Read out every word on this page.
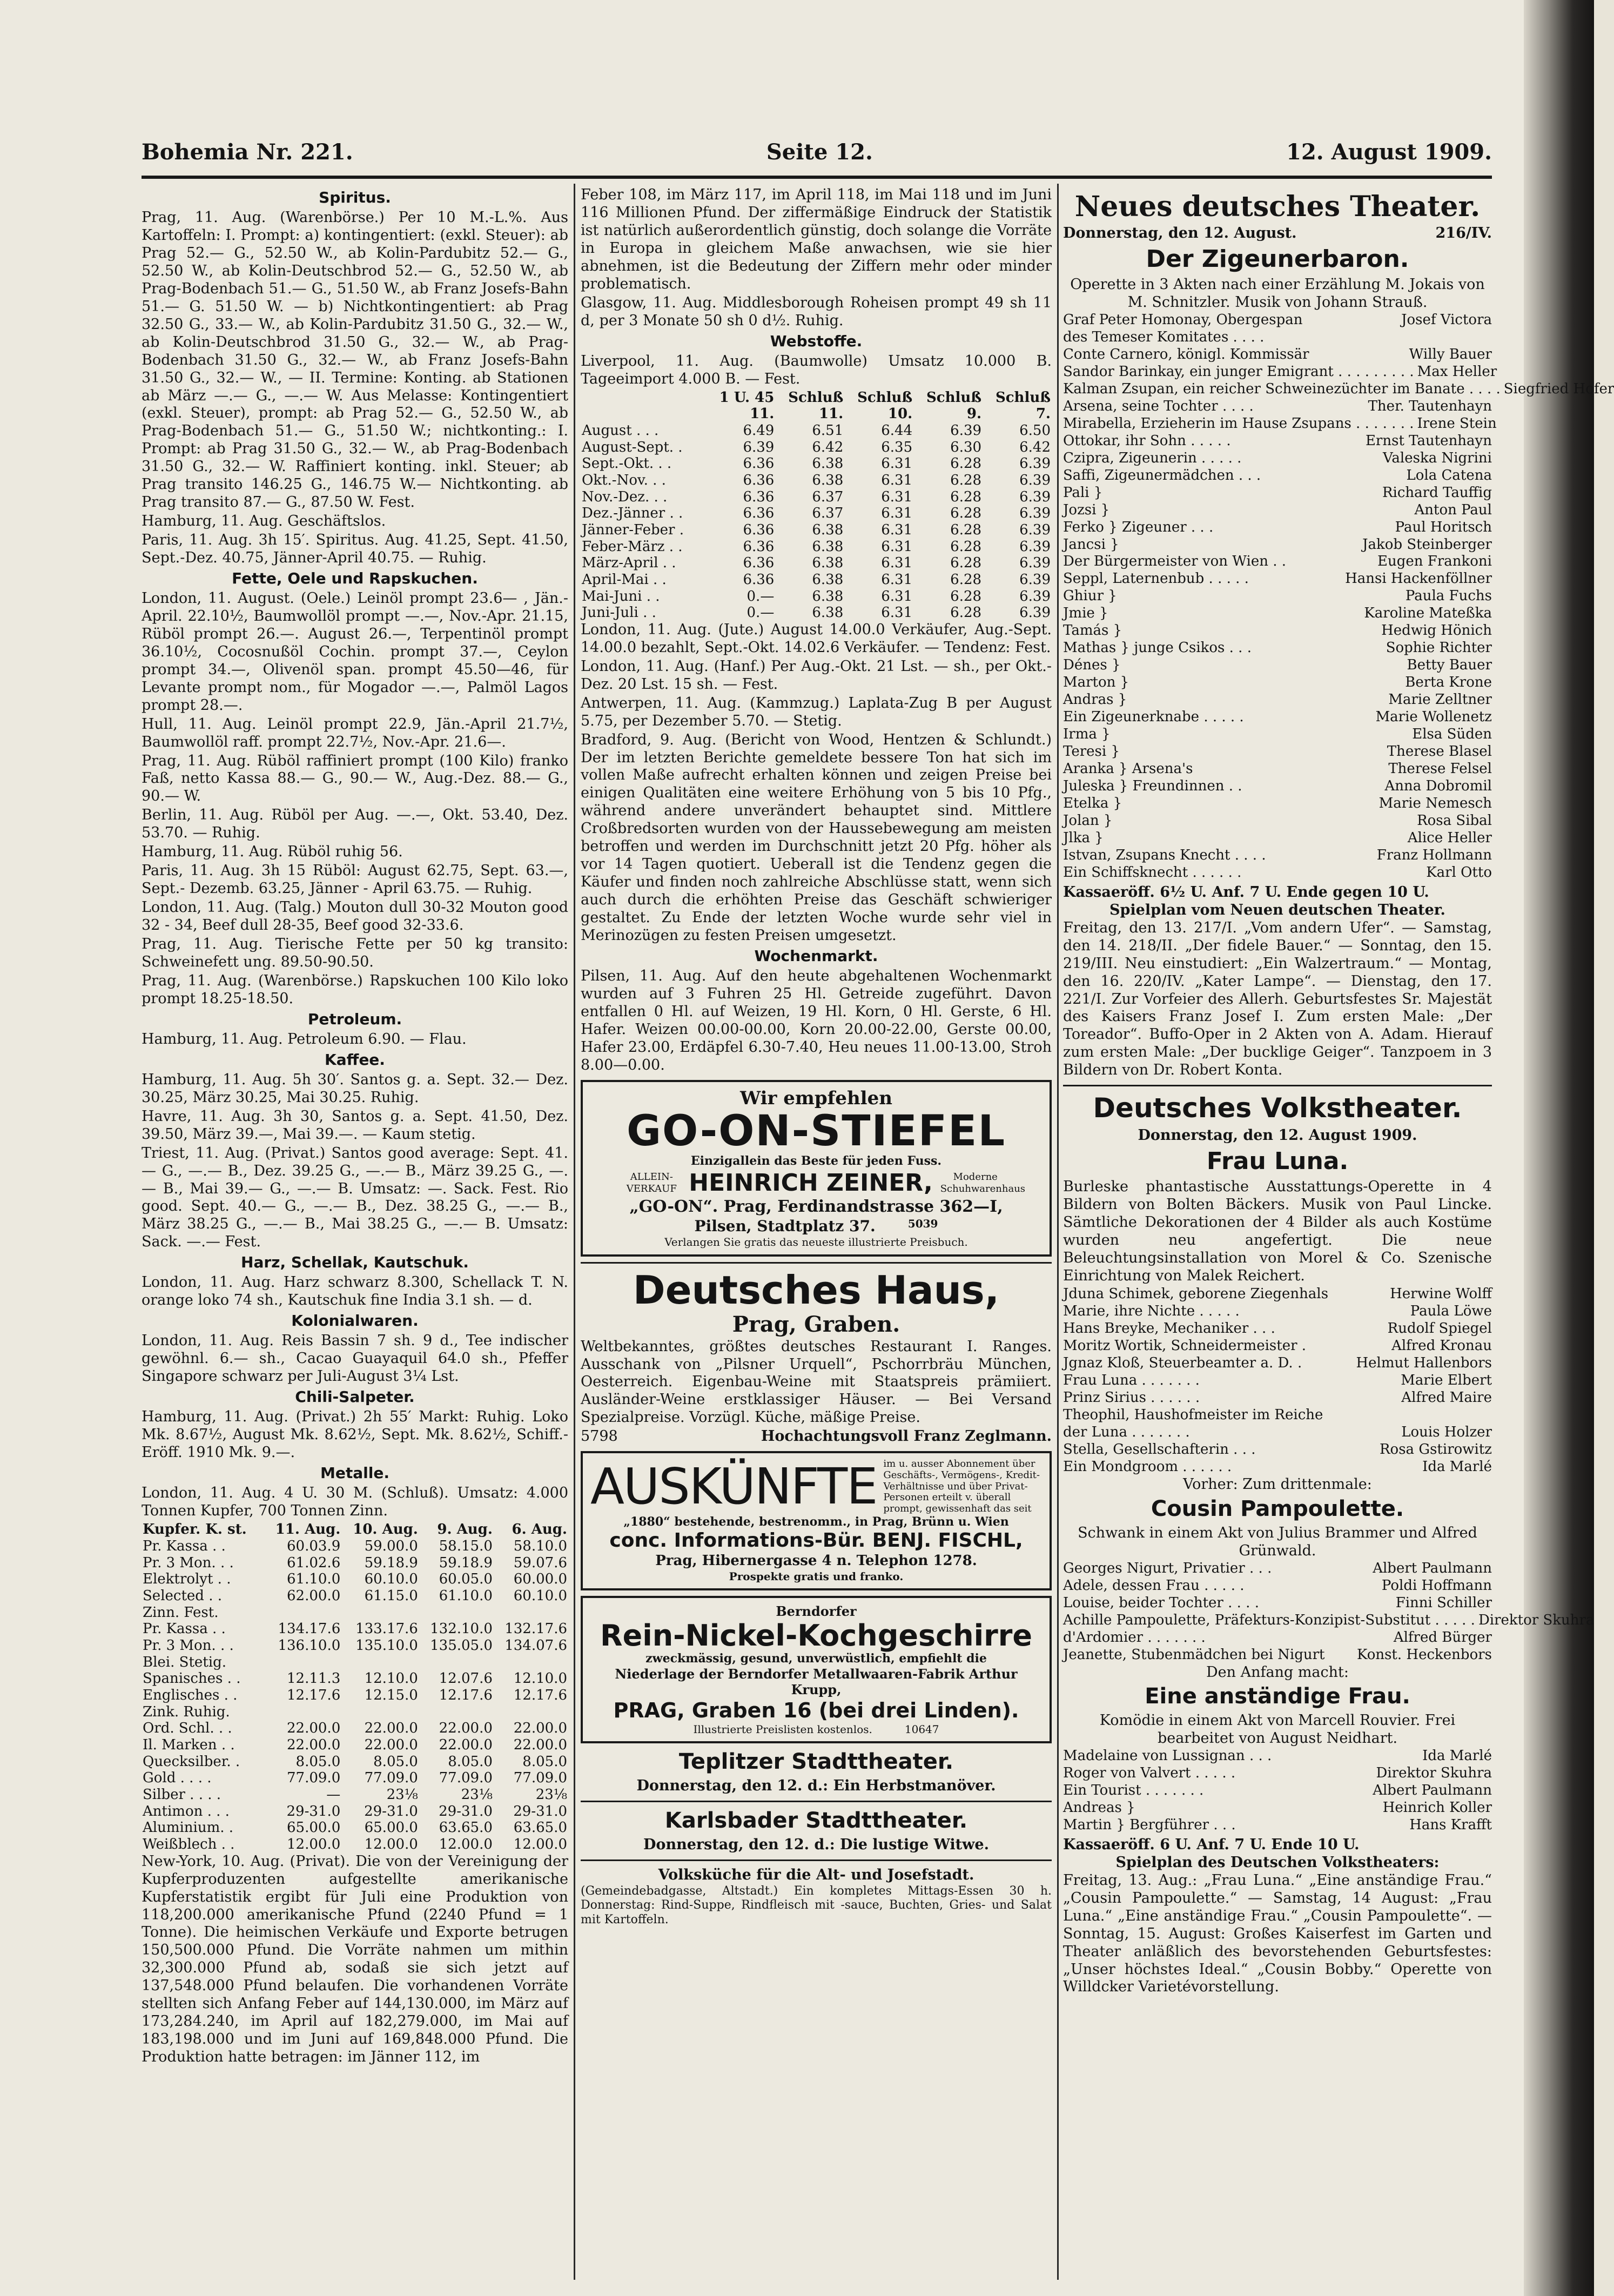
Bohemia Nr. 221.	Seite 12.	12. August 1909.
Spiritus.
Prag, 11. Aug. (Warenbörse.) Per 10 M.-L.%. Aus Kartoffeln: I. Prompt: a) kontingentiert: (exkl. Steuer): ab Prag 52.— G., 52.50 W., ab Kolin-Pardubitz 52.— G., 52.50 W., ab Kolin-Deutschbrod 52.— G., 52.50 W., ab Prag-Bodenbach 51.— G., 51.50 W., ab Franz Josefs-Bahn 51.— G. 51.50 W. — b) Nichtkontingentiert: ab Prag 32.50 G., 33.— W., ab Kolin-Pardubitz 31.50 G., 32.— W., ab Kolin-Deutschbrod 31.50 G., 32.— W., ab Prag-Bodenbach 31.50 G., 32.— W., ab Franz Josefs-Bahn 31.50 G., 32.— W., — II. Termine: Konting. ab Stationen ab März —.— G., —.— W. Aus Melasse: Kontingentiert (exkl. Steuer), prompt: ab Prag 52.— G., 52.50 W., ab Prag-Bodenbach 51.— G., 51.50 W.; nichtkonting.: I. Prompt: ab Prag 31.50 G., 32.— W., ab Prag-Bodenbach 31.50 G., 32.— W. Raffiniert konting. inkl. Steuer; ab Prag transito 146.25 G., 146.75 W.— Nichtkonting. ab Prag transito 87.— G., 87.50 W. Fest.
Hamburg, 11. Aug. Geschäftslos.
Paris, 11. Aug. 3h 15′. Spiritus. Aug. 41.25, Sept. 41.50, Sept.-Dez. 40.75, Jänner-April 40.75. — Ruhig.
Fette, Oele und Rapskuchen.
London, 11. August. (Oele.) Leinöl prompt 23.6— , Jän.-April. 22.10½, Baumwollöl prompt —.—, Nov.-Apr. 21.15, Rüböl prompt 26.—. August 26.—, Terpentinöl prompt 36.10½, Cocosnußöl Cochin. prompt 37.—, Ceylon prompt 34.—, Olivenöl span. prompt 45.50—46, für Levante prompt nom., für Mogador —.—, Palmöl Lagos prompt 28.—.
Hull, 11. Aug. Leinöl prompt 22.9, Jän.-April 21.7½, Baumwollöl raff. prompt 22.7½, Nov.-Apr. 21.6—.
Prag, 11. Aug. Rüböl raffiniert prompt (100 Kilo) franko Faß, netto Kassa 88.— G., 90.— W., Aug.-Dez. 88.— G., 90.— W.
Berlin, 11. Aug. Rüböl per Aug. —.—, Okt. 53.40, Dez. 53.70. — Ruhig.
Hamburg, 11. Aug. Rüböl ruhig 56.
Paris, 11. Aug. 3h 15 Rüböl: August 62.75, Sept. 63.—, Sept.- Dezemb. 63.25, Jänner - April 63.75. — Ruhig.
London, 11. Aug. (Talg.) Mouton dull 30-32 Mouton good 32 - 34, Beef dull 28-35, Beef good 32-33.6.
Prag, 11. Aug. Tierische Fette per 50 kg transito: Schweinefett ung. 89.50-90.50.
Prag, 11. Aug. (Warenbörse.) Rapskuchen 100 Kilo loko prompt 18.25-18.50.
Petroleum.
Hamburg, 11. Aug. Petroleum 6.90. — Flau.
Kaffee.
Hamburg, 11. Aug. 5h 30′. Santos g. a. Sept. 32.— Dez. 30.25, März 30.25, Mai 30.25. Ruhig.
Havre, 11. Aug. 3h 30, Santos g. a. Sept. 41.50, Dez. 39.50, März 39.—, Mai 39.—. — Kaum stetig.
Triest, 11. Aug. (Privat.) Santos good average: Sept. 41.— G., —.— B., Dez. 39.25 G., —.— B., März 39.25 G., —.— B., Mai 39.— G., —.— B. Umsatz: —. Sack. Fest. Rio good. Sept. 40.— G., —.— B., Dez. 38.25 G., —.— B., März 38.25 G., —.— B., Mai 38.25 G., —.— B. Umsatz: Sack. —.— Fest.
Harz, Schellak, Kautschuk.
London, 11. Aug. Harz schwarz 8.300, Schellack T. N. orange loko 74 sh., Kautschuk fine India 3.1 sh. — d.
Kolonialwaren.
London, 11. Aug. Reis Bassin 7 sh. 9 d., Tee indischer gewöhnl. 6.— sh., Cacao Guayaquil 64.0 sh., Pfeffer Singapore schwarz per Juli-August 3⅟₄ Lst.
Chili-Salpeter.
Hamburg, 11. Aug. (Privat.) 2h 55′ Markt: Ruhig. Loko Mk. 8.67½, August Mk. 8.62½, Sept. Mk. 8.62½, Schiff.-Eröff. 1910 Mk. 9.—.
Metalle.
London, 11. Aug. 4 U. 30 M. (Schluß). Umsatz: 4.000 Tonnen Kupfer, 700 Tonnen Zinn.
Kupfer. K. st.	11. Aug.	10. Aug.	9. Aug.	6. Aug.
Pr. Kassa . .	60.03.9	59.00.0	58.15.0	58.10.0
Pr. 3 Mon. . .	61.02.6	59.18.9	59.18.9	59.07.6
Elektrolyt . .	61.10.0	60.10.0	60.05.0	60.00.0
Selected . .	62.00.0	61.15.0	61.10.0	60.10.0
Zinn. Fest.				
Pr. Kassa . .	134.17.6	133.17.6	132.10.0	132.17.6
Pr. 3 Mon. . .	136.10.0	135.10.0	135.05.0	134.07.6
Blei. Stetig.				
Spanisches . .	12.11.3	12.10.0	12.07.6	12.10.0
Englisches . .	12.17.6	12.15.0	12.17.6	12.17.6
Zink. Ruhig.				
Ord. Schl. . .	22.00.0	22.00.0	22.00.0	22.00.0
Il. Marken . .	22.00.0	22.00.0	22.00.0	22.00.0
Quecksilber. .	8.05.0	8.05.0	8.05.0	8.05.0
Gold . . . .	77.09.0	77.09.0	77.09.0	77.09.0
Silber . . . .	—	23⅟₈	23⅟₈	23⅟₈
Antimon . . .	29-31.0	29-31.0	29-31.0	29-31.0
Aluminium. .	65.00.0	65.00.0	63.65.0	63.65.0
Weißblech . .	12.00.0	12.00.0	12.00.0	12.00.0
New-York, 10. Aug. (Privat). Die von der Vereinigung der Kupferproduzenten aufgestellte amerikanische Kupferstatistik ergibt für Juli eine Produktion von 118,200.000 amerikanische Pfund (2240 Pfund = 1 Tonne). Die heimischen Verkäufe und Exporte betrugen 150,500.000 Pfund. Die Vorräte nahmen um mithin 32,300.000 Pfund ab, sodaß sie sich jetzt auf 137,548.000 Pfund belaufen. Die vorhandenen Vorräte stellten sich Anfang Feber auf 144,130.000, im März auf 173,284.240, im April auf 182,279.000, im Mai auf 183,198.000 und im Juni auf 169,848.000 Pfund. Die Produktion hatte betragen: im Jänner 112, im
Feber 108, im März 117, im April 118, im Mai 118 und im Juni 116 Millionen Pfund. Der ziffermäßige Eindruck der Statistik ist natürlich außerordentlich günstig, doch solange die Vorräte in Europa in gleichem Maße anwachsen, wie sie hier abnehmen, ist die Bedeutung der Ziffern mehr oder minder problematisch.
Glasgow, 11. Aug. Middlesborough Roheisen prompt 49 sh 11 d, per 3 Monate 50 sh 0 d½. Ruhig.
Webstoffe.
Liverpool, 11. Aug. (Baumwolle) Umsatz 10.000 B. Tageeimport 4.000 B. — Fest.
	1 U. 45	Schluß	Schluß	Schluß	Schluß
	11.	11.	10.	9.	7.
August . . .	6.49	6.51	6.44	6.39	6.50
August-Sept. .	6.39	6.42	6.35	6.30	6.42
Sept.-Okt. . .	6.36	6.38	6.31	6.28	6.39
Okt.-Nov. . .	6.36	6.38	6.31	6.28	6.39
Nov.-Dez. . .	6.36	6.37	6.31	6.28	6.39
Dez.-Jänner . .	6.36	6.37	6.31	6.28	6.39
Jänner-Feber .	6.36	6.38	6.31	6.28	6.39
Feber-März . .	6.36	6.38	6.31	6.28	6.39
März-April . .	6.36	6.38	6.31	6.28	6.39
April-Mai . .	6.36	6.38	6.31	6.28	6.39
Mai-Juni . .	0.—	6.38	6.31	6.28	6.39
Juni-Juli . .	0.—	6.38	6.31	6.28	6.39
London, 11. Aug. (Jute.) August 14.00.0 Verkäufer, Aug.-Sept. 14.00.0 bezahlt, Sept.-Okt. 14.02.6 Verkäufer. — Tendenz: Fest.
London, 11. Aug. (Hanf.) Per Aug.-Okt. 21 Lst. — sh., per Okt.-Dez. 20 Lst. 15 sh. — Fest.
Antwerpen, 11. Aug. (Kammzug.) Laplata-Zug B per August 5.75, per Dezember 5.70. — Stetig.
Bradford, 9. Aug. (Bericht von Wood, Hentzen & Schlundt.) Der im letzten Berichte gemeldete bessere Ton hat sich im vollen Maße aufrecht erhalten können und zeigen Preise bei einigen Qualitäten eine weitere Erhöhung von 5 bis 10 Pfg., während andere unverändert behauptet sind. Mittlere Croßbredsorten wurden von der Haussebewegung am meisten betroffen und werden im Durchschnitt jetzt 20 Pfg. höher als vor 14 Tagen quotiert. Ueberall ist die Tendenz gegen die Käufer und finden noch zahlreiche Abschlüsse statt, wenn sich auch durch die erhöhten Preise das Geschäft schwieriger gestaltet. Zu Ende der letzten Woche wurde sehr viel in Merinozügen zu festen Preisen umgesetzt.
Wochenmarkt.
Pilsen, 11. Aug. Auf den heute abgehaltenen Wochenmarkt wurden auf 3 Fuhren 25 Hl. Getreide zugeführt. Davon entfallen 0 Hl. auf Weizen, 19 Hl. Korn, 0 Hl. Gerste, 6 Hl. Hafer. Weizen 00.00-00.00, Korn 20.00-22.00, Gerste 00.00, Hafer 23.00, Erdäpfel 6.30-7.40, Heu neues 11.00-13.00, Stroh 8.00—0.00.
Wir empfehlen
GO-ON-STIEFEL
Einzigallein das Beste für jeden Fuss.
ALLEIN-VERKAUF HEINRICH ZEINER,	Moderne Schuhwarenhaus
„GO-ON“. Prag, Ferdinandstrasse 362—I,
Pilsen, Stadtplatz 37.	5039
Verlangen Sie gratis das neueste illustrierte Preisbuch.
Deutsches Haus,
Prag, Graben.
Weltbekanntes, größtes deutsches Restaurant I. Ranges. Ausschank von „Pilsner Urquell“, Pschorrbräu München, Oesterreich. Eigenbau-Weine mit Staatspreis prämiiert. Ausländer-Weine erstklassiger Häuser. — Bei Versand Spezialpreise. Vorzügl. Küche, mäßige Preise.
5798	Hochachtungsvoll Franz Zeglmann.
AUSKÜNFTE im u. ausser Abonnement über Geschäfts-, Vermögens-, Kredit-Verhältnisse und über Privat-Personen erteilt v. überall prompt, gewissenhaft das seit
„1880“ bestehende, bestrenomm., in Prag, Brünn u. Wien
conc. Informations-Bür. BENJ. FISCHL,
Prag, Hibernergasse 4 n. Telephon 1278.
Prospekte gratis und franko.
Berndorfer
Rein-Nickel-Kochgeschirre
zweckmässig, gesund, unverwüstlich, empfiehlt die
Niederlage der Berndorfer Metallwaaren-Fabrik Arthur Krupp,
PRAG, Graben 16 (bei drei Linden).
Illustrierte Preislisten kostenlos.	10647
Teplitzer Stadttheater.
Donnerstag, den 12. d.: Ein Herbstmanöver.
Karlsbader Stadttheater.
Donnerstag, den 12. d.: Die lustige Witwe.
Volksküche für die Alt- und Josefstadt.
(Gemeindebadgasse, Altstadt.) Ein kompletes Mittags-Essen 30 h. Donnerstag: Rind-Suppe, Rindfleisch mit -sauce, Buchten, Gries- und Salat mit Kartoffeln.
Neues deutsches Theater.
Donnerstag, den 12. August.	216/IV.
Der Zigeunerbaron.
Operette in 3 Akten nach einer Erzählung M. Jokais von M. Schnitzler. Musik von Johann Strauß.
Graf Peter Homonay, Obergespan	Josef Victora
des Temeser Komitates . . . .
Conte Carnero, königl. Kommissär	Willy Bauer
Sandor Barinkay, ein junger Emigrant . . . . . . . . . Max Heller
Kalman Zsupan, ein reicher Schweinezüchter im Banate . . . . Siegfried Hofer
Arsena, seine Tochter . . . .	Ther. Tautenhayn
Mirabella, Erzieherin im Hause Zsupans . . . . . . . Irene Stein
Ottokar, ihr Sohn . . . . .	Ernst Tautenhayn
Czipra, Zigeunerin . . . . .	Valeska Nigrini
Saffi, Zigeunermädchen . . .	Lola Catena
Pali }	Richard Tauffig
Jozsi }	Anton Paul
Ferko } Zigeuner . . .	Paul Horitsch
Jancsi }	Jakob Steinberger
Der Bürgermeister von Wien . .	Eugen Frankoni
Seppl, Laternenbub . . . . .	Hansi Hackenföllner
Ghiur }	Paula Fuchs
Jmie }	Karoline Mateßka
Tamás }	Hedwig Hönich
Mathas } junge Csikos . . .	Sophie Richter
Dénes }	Betty Bauer
Marton }	Berta Krone
Andras }	Marie Zelltner
Ein Zigeunerknabe . . . . .	Marie Wollenetz
Irma }	Elsa Süden
Teresi }	Therese Blasel
Aranka } Arsena's	Therese Felsel
Juleska } Freundinnen . .	Anna Dobromil
Etelka }	Marie Nemesch
Jolan }	Rosa Sibal
Jlka }	Alice Heller
Istvan, Zsupans Knecht . . . .	Franz Hollmann
Ein Schiffsknecht . . . . . .	Karl Otto
Kassaeröff. 6½ U. Anf. 7 U. Ende gegen 10 U.
Spielplan vom Neuen deutschen Theater.
Freitag, den 13. 217/I. „Vom andern Ufer“. — Samstag, den 14. 218/II. „Der fidele Bauer.“ — Sonntag, den 15. 219/III. Neu einstudiert: „Ein Walzertraum.“ — Montag, den 16. 220/IV. „Kater Lampe“. — Dienstag, den 17. 221/I. Zur Vorfeier des Allerh. Geburtsfestes Sr. Majestät des Kaisers Franz Josef I. Zum ersten Male: „Der Toreador“. Buffo-Oper in 2 Akten von A. Adam. Hierauf zum ersten Male: „Der bucklige Geiger“. Tanzpoem in 3 Bildern von Dr. Robert Konta.
Deutsches Volkstheater.
Donnerstag, den 12. August 1909.
Frau Luna.
Burleske phantastische Ausstattungs-Operette in 4 Bildern von Bolten Bäckers. Musik von Paul Lincke. Sämtliche Dekorationen der 4 Bilder als auch Kostüme wurden neu angefertigt. Die neue Beleuchtungsinstallation von Morel & Co. Szenische Einrichtung von Malek Reichert.
Jduna Schimek, geborene Ziegenhals	Herwine Wolff
Marie, ihre Nichte . . . . .	Paula Löwe
Hans Breyke, Mechaniker . . .	Rudolf Spiegel
Moritz Wortik, Schneidermeister .	Alfred Kronau
Jgnaz Kloß, Steuerbeamter a. D. .	Helmut Hallenbors
Frau Luna . . . . . . .	Marie Elbert
Prinz Sirius . . . . . .	Alfred Maire
Theophil, Haushofmeister im Reiche
der Luna . . . . . . .	Louis Holzer
Stella, Gesellschafterin . . .	Rosa Gstirowitz
Ein Mondgroom . . . . . .	Ida Marlé
Vorher: Zum drittenmale:
Cousin Pampoulette.
Schwank in einem Akt von Julius Brammer und Alfred Grünwald.
Georges Nigurt, Privatier . . .	Albert Paulmann
Adele, dessen Frau . . . . .	Poldi Hoffmann
Louise, beider Tochter . . . .	Finni Schiller
Achille Pampoulette, Präfekturs-Konzipist-Substitut . . . . . Direktor Skuhra
d'Ardomier . . . . . . .	Alfred Bürger
Jeanette, Stubenmädchen bei Nigurt Konst. Heckenbors
Den Anfang macht:
Eine anständige Frau.
Komödie in einem Akt von Marcell Rouvier. Frei bearbeitet von August Neidhart.
Madelaine von Lussignan . . .	Ida Marlé
Roger von Valvert . . . . .	Direktor Skuhra
Ein Tourist . . . . . . .	Albert Paulmann
Andreas }	Heinrich Koller
Martin } Bergführer . . .	Hans Krafft
Kassaeröff. 6 U. Anf. 7 U. Ende 10 U.
Spielplan des Deutschen Volkstheaters:
Freitag, 13. Aug.: „Frau Luna.“ „Eine anständige Frau.“ „Cousin Pampoulette.“ — Samstag, 14 August: „Frau Luna.“ „Eine anständige Frau.“ „Cousin Pampoulette“. — Sonntag, 15. August: Großes Kaiserfest im Garten und Theater anläßlich des bevorstehenden Geburtsfestes: „Unser höchstes Ideal.“ „Cousin Bobby.“ Operette von Willdcker Varietévorstellung.
